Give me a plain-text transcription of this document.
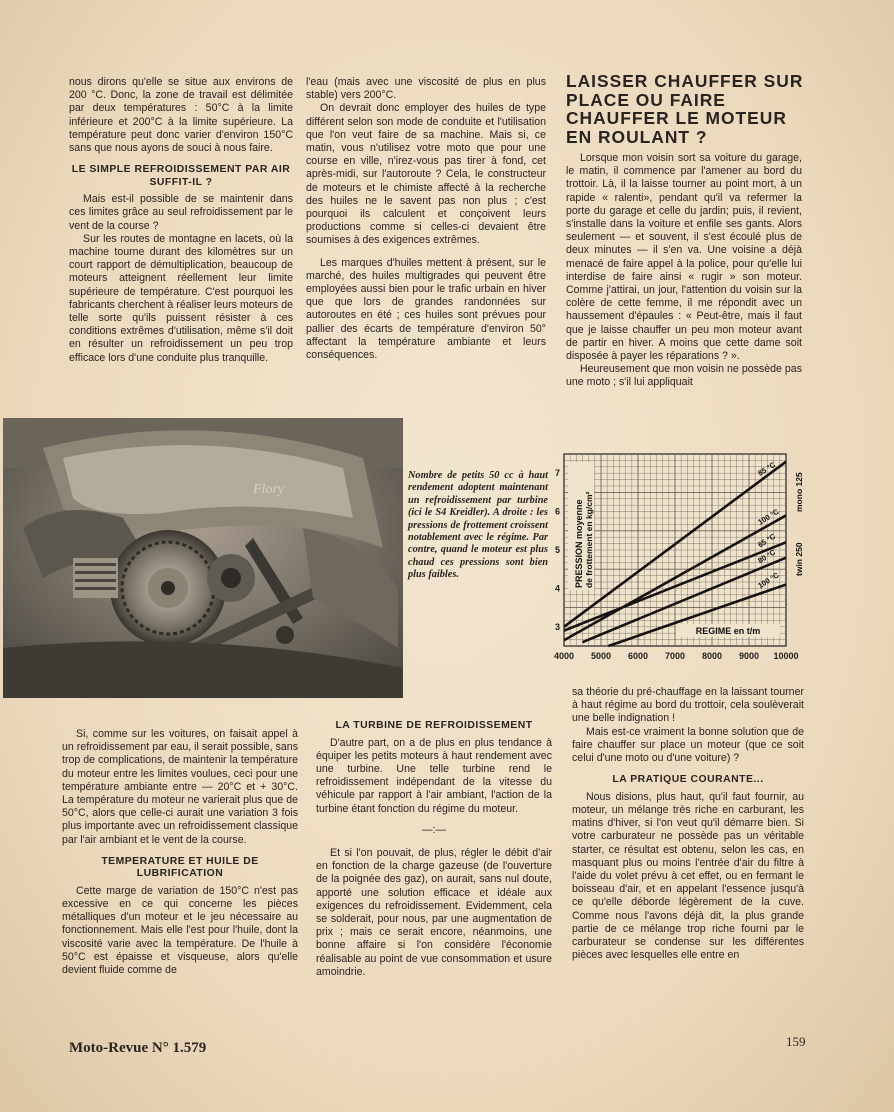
nous dirons qu'elle se situe aux environs de 200 °C. Donc, la zone de travail est délimitée par deux températures : 50°C à la limite inférieure et 200°C à la limite supérieure. La température peut donc varier d'environ 150°C sans que nous ayons de souci à nous faire.

LE SIMPLE REFROIDISSEMENT PAR AIR SUFFIT-IL ?

Mais est-il possible de se maintenir dans ces limites grâce au seul refroidissement par le vent de la course ?

Sur les routes de montagne en lacets, où la machine tourne durant des kilomètres sur un court rapport de démultiplication, beaucoup de moteurs atteignent réellement leur limite supérieure de température. C'est pourquoi les fabricants cherchent à réaliser leurs moteurs de telle sorte qu'ils puissent résister à ces conditions extrêmes d'utilisation, même s'il doit en résulter un refroidissement un peu trop efficace lors d'une conduite plus tranquille.

l'eau (mais avec une viscosité de plus en plus stable) vers 200°C.

On devrait donc employer des huiles de type différent selon son mode de conduite et l'utilisation que l'on veut faire de sa machine. Mais si, ce matin, vous n'utilisez votre moto que pour une course en ville, n'irez-vous pas tirer à fond, cet après-midi, sur l'autoroute ? Cela, le constructeur de moteurs et le chimiste affecté à la recherche des huiles ne le savent pas non plus ; c'est pourquoi ils calculent et conçoivent leurs productions comme si celles-ci devaient être soumises à des exigences extrêmes.

Les marques d'huiles mettent à présent, sur le marché, des huiles multigrades qui peuvent être employées aussi bien pour le trafic urbain en hiver que que lors de grandes randonnées sur autoroutes en été ; ces huiles sont prévues pour pallier des écarts de température d'environ 50° affectant la température ambiante et leurs conséquences.

LAISSER CHAUFFER SUR PLACE OU FAIRE CHAUFFER LE MOTEUR EN ROULANT ?

Lorsque mon voisin sort sa voiture du garage, le matin, il commence par l'amener au bord du trottoir. Là, il la laisse tourner au point mort, à un rapide « ralenti», pendant qu'il va refermer la porte du garage et celle du jardin; puis, il revient, s'installe dans la voiture et enfile ses gants. Alors seulement — et souvent, il s'est écoulé plus de deux minutes — il s'en va. Une voisine a déjà menacé de faire appel à la police, pour qu'elle lui interdise de faire ainsi « rugir » son moteur. Comme j'attirai, un jour, l'attention du voisin sur la colère de cette femme, il me répondit avec un haussement d'épaules : « Peut-être, mais il faut que je laisse chauffer un peu mon moteur avant de partir en hiver. A moins que cette dame soit disposée à payer les réparations ? ».

Heureusement que mon voisin ne possède pas une moto ; s'il lui appliquait

Flory
Nombre de petits 50 cc à haut rendement adoptent maintenant un refroidissement par turbine (ici le S4 Kreidler). A droite : les pressions de frottement croissent notablement avec le régime. Par contre, quand le moteur est plus chaud ces pressions sont bien plus faibles.
4000 5000 6000 7000 8000 9000 10000
3
4
5
6
7	85 °C
100 °C
65 °C
80 °C
100 °C
REGIME en t/m
PRESSION moyenne de frottement en kg/cm²	mono 125
twin 250

Si, comme sur les voitures, on faisait appel à un refroidissement par eau, il serait possible, sans trop de complications, de maintenir la température du moteur entre les limites voulues, ceci pour une température ambiante entre — 20°C et + 30°C. La température du moteur ne varierait plus que de 50°C, alors que celle-ci aurait une variation 3 fois plus importante avec un refroidissement classique par l'air ambiant et le vent de la course.

TEMPERATURE ET HUILE DE LUBRIFICATION

Cette marge de variation de 150°C n'est pas excessive en ce qui concerne les pièces métalliques d'un moteur et le jeu nécessaire au fonctionnement. Mais elle l'est pour l'huile, dont la viscosité varie avec la température. De l'huile à 50°C est épaisse et visqueuse, alors qu'elle devient fluide comme de

LA TURBINE DE REFROIDISSEMENT

D'autre part, on a de plus en plus tendance à équiper les petits moteurs à haut rendement avec une turbine. Une telle turbine rend le refroidissement indépendant de la vitesse du véhicule par rapport à l'air ambiant, l'action de la turbine étant fonction du régime du moteur.

—:—

Et si l'on pouvait, de plus, régler le débit d'air en fonction de la charge gazeuse (de l'ouverture de la poignée des gaz), on aurait, sans nul doute, apporté une solution efficace et idéale aux exigences du refroidissement. Evidemment, cela se solderait, pour nous, par une augmentation de prix ; mais ce serait encore, néanmoins, une bonne affaire si l'on considère l'économie réalisable au point de vue consommation et usure amoindrie.

sa théorie du pré-chauffage en la laissant tourner à haut régime au bord du trottoir, cela soulèverait une belle indignation !

Mais est-ce vraiment la bonne solution que de faire chauffer sur place un moteur (que ce soit celui d'une moto ou d'une voiture) ?

LA PRATIQUE COURANTE...

Nous disions, plus haut, qu'il faut fournir, au moteur, un mélange très riche en carburant, les matins d'hiver, si l'on veut qu'il démarre bien. Si votre carburateur ne possède pas un véritable starter, ce résultat est obtenu, selon les cas, en masquant plus ou moins l'entrée d'air du filtre à l'aide du volet prévu à cet effet, ou en fermant le boisseau d'air, et en appelant l'essence jusqu'à ce qu'elle déborde légèrement de la cuve. Comme nous l'avons déjà dit, la plus grande partie de ce mélange trop riche fourni par le carburateur se condense sur les différentes pièces avec lesquelles elle entre en

Moto-Revue N° 1.579	159
